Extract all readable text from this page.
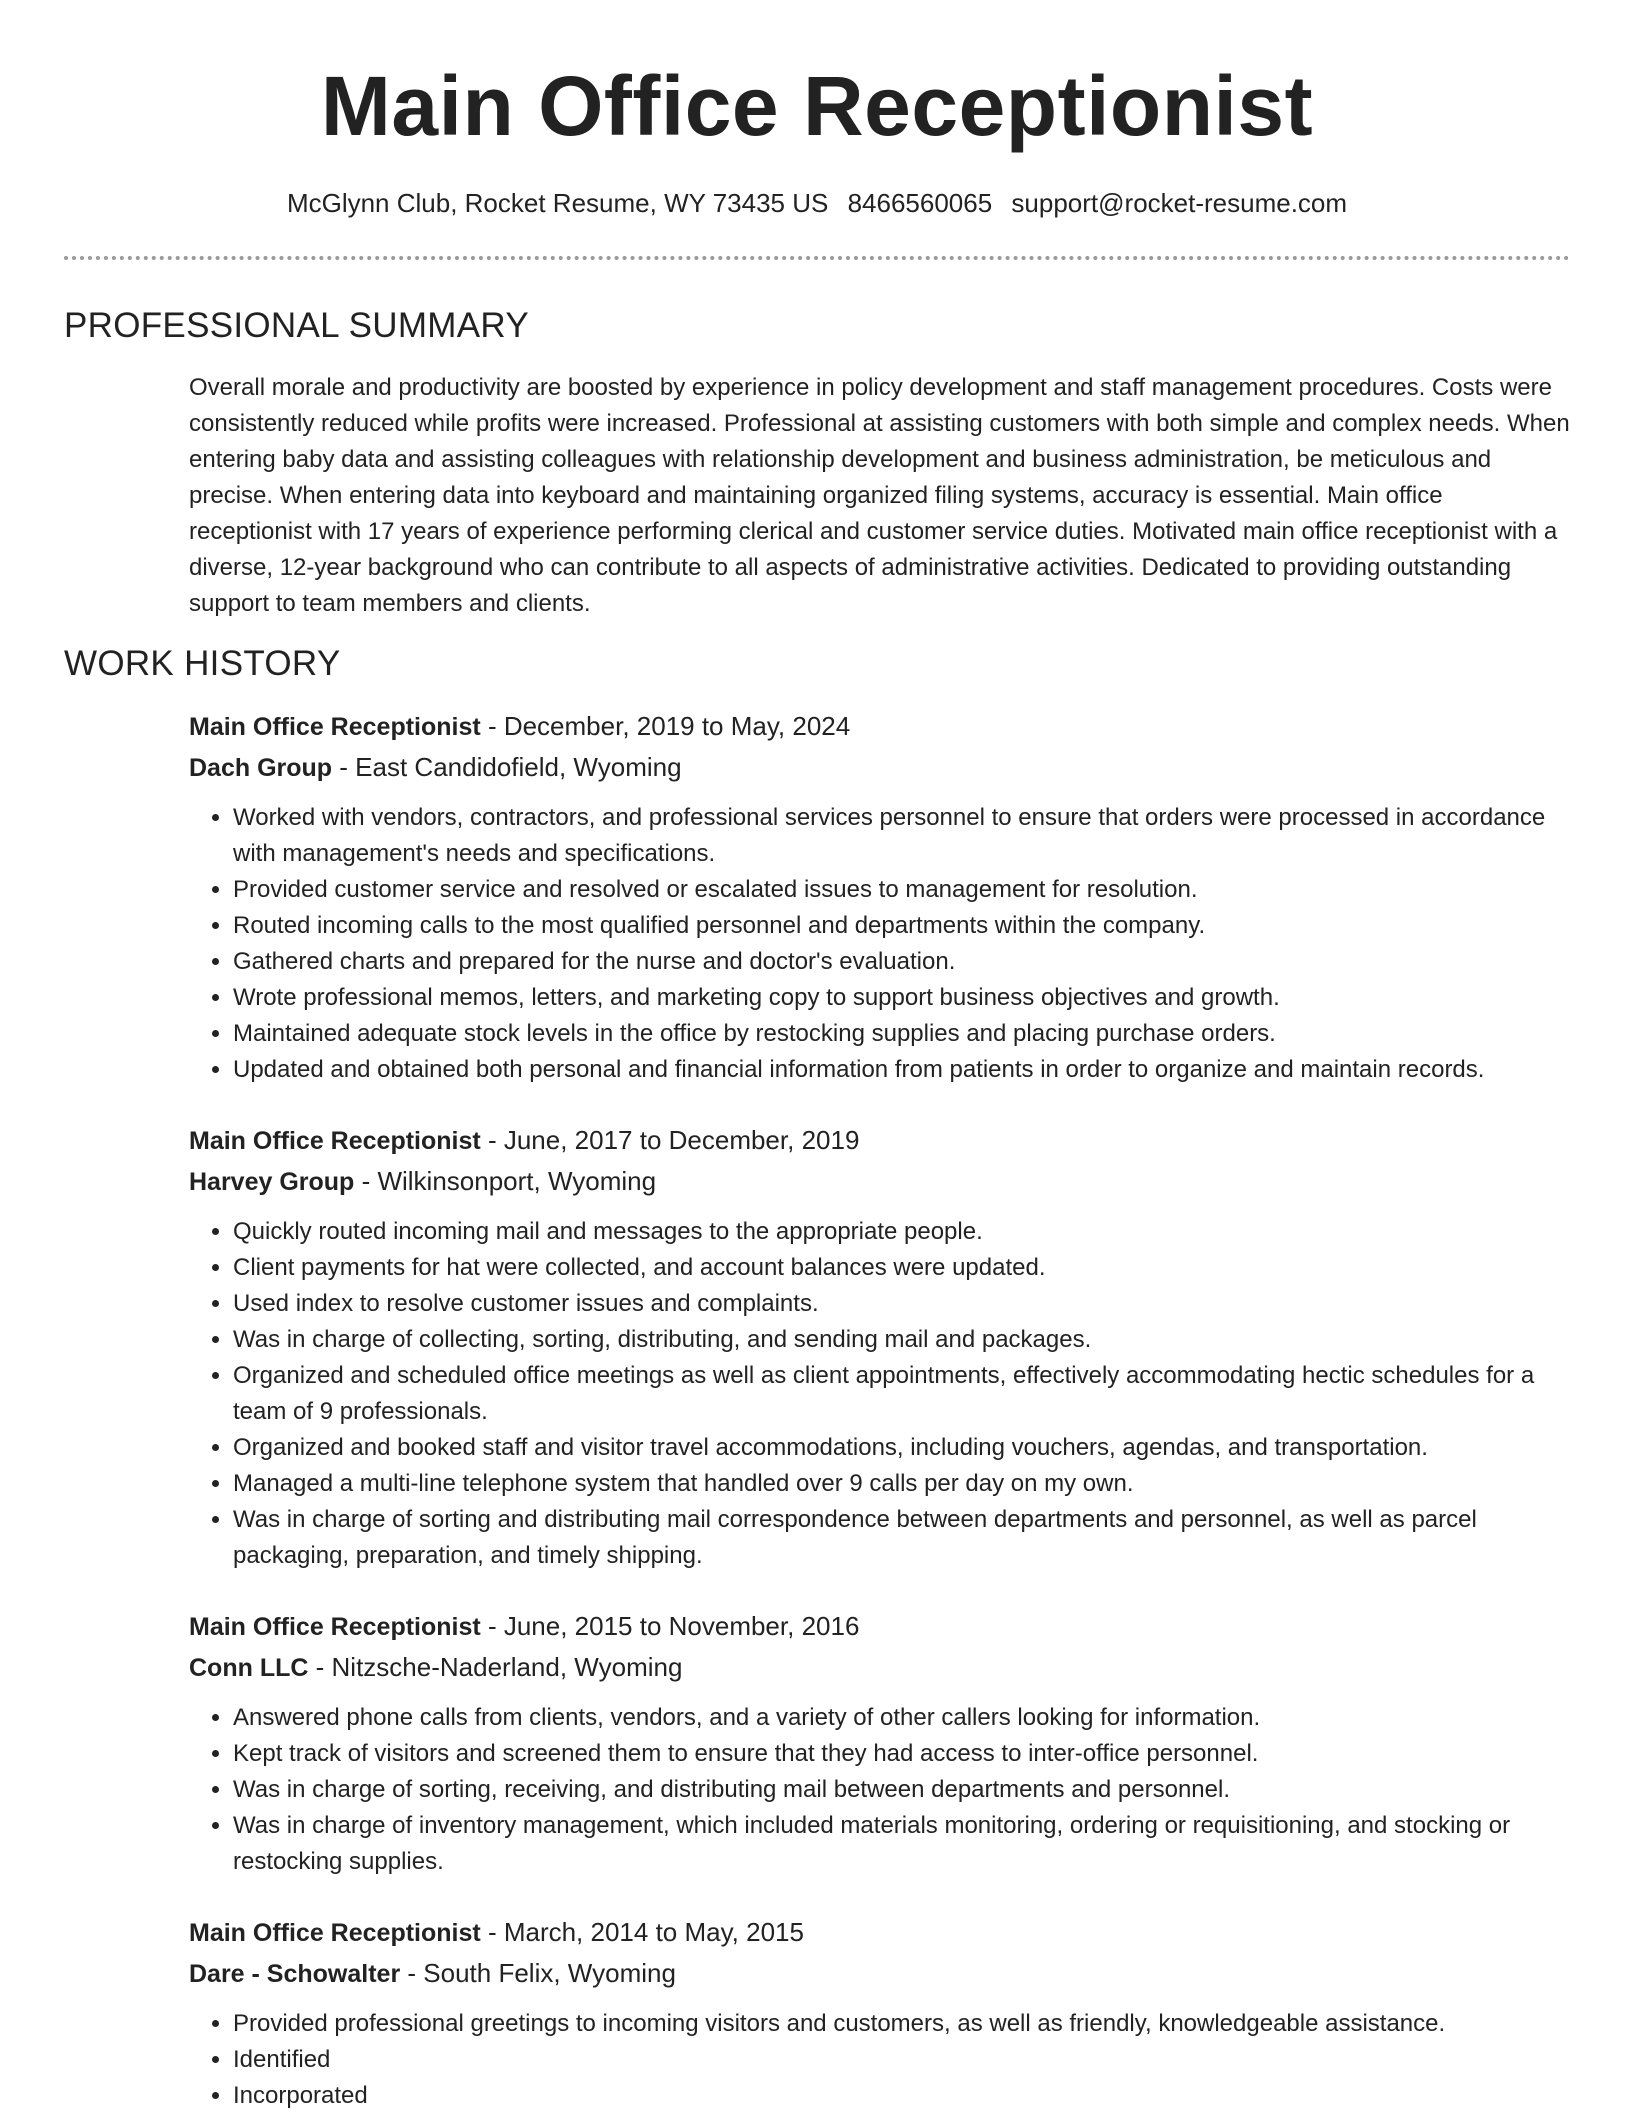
Main Office Receptionist
McGlynn Club, Rocket Resume, WY 73435 US 8466560065 support@rocket-resume.com
PROFESSIONAL SUMMARY
Overall morale and productivity are boosted by experience in policy development and staff management procedures. Costs were consistently reduced while profits were increased. Professional at assisting customers with both simple and complex needs. When entering baby data and assisting colleagues with relationship development and business administration, be meticulous and precise. When entering data into keyboard and maintaining organized filing systems, accuracy is essential. Main office receptionist with 17 years of experience performing clerical and customer service duties. Motivated main office receptionist with a diverse, 12-year background who can contribute to all aspects of administrative activities. Dedicated to providing outstanding support to team members and clients.
WORK HISTORY
Main Office Receptionist - December, 2019 to May, 2024
Dach Group - East Candidofield, Wyoming
• Worked with vendors, contractors, and professional services personnel to ensure that orders were processed in accordance with management's needs and specifications.
• Provided customer service and resolved or escalated issues to management for resolution.
• Routed incoming calls to the most qualified personnel and departments within the company.
• Gathered charts and prepared for the nurse and doctor's evaluation.
• Wrote professional memos, letters, and marketing copy to support business objectives and growth.
• Maintained adequate stock levels in the office by restocking supplies and placing purchase orders.
• Updated and obtained both personal and financial information from patients in order to organize and maintain records.
Main Office Receptionist - June, 2017 to December, 2019
Harvey Group - Wilkinsonport, Wyoming
• Quickly routed incoming mail and messages to the appropriate people.
• Client payments for hat were collected, and account balances were updated.
• Used index to resolve customer issues and complaints.
• Was in charge of collecting, sorting, distributing, and sending mail and packages.
• Organized and scheduled office meetings as well as client appointments, effectively accommodating hectic schedules for a team of 9 professionals.
• Organized and booked staff and visitor travel accommodations, including vouchers, agendas, and transportation.
• Managed a multi-line telephone system that handled over 9 calls per day on my own.
• Was in charge of sorting and distributing mail correspondence between departments and personnel, as well as parcel packaging, preparation, and timely shipping.
Main Office Receptionist - June, 2015 to November, 2016
Conn LLC - Nitzsche-Naderland, Wyoming
• Answered phone calls from clients, vendors, and a variety of other callers looking for information.
• Kept track of visitors and screened them to ensure that they had access to inter-office personnel.
• Was in charge of sorting, receiving, and distributing mail between departments and personnel.
• Was in charge of inventory management, which included materials monitoring, ordering or requisitioning, and stocking or restocking supplies.
Main Office Receptionist - March, 2014 to May, 2015
Dare - Schowalter - South Felix, Wyoming
• Provided professional greetings to incoming visitors and customers, as well as friendly, knowledgeable assistance.
• Identified
• Incorporated
